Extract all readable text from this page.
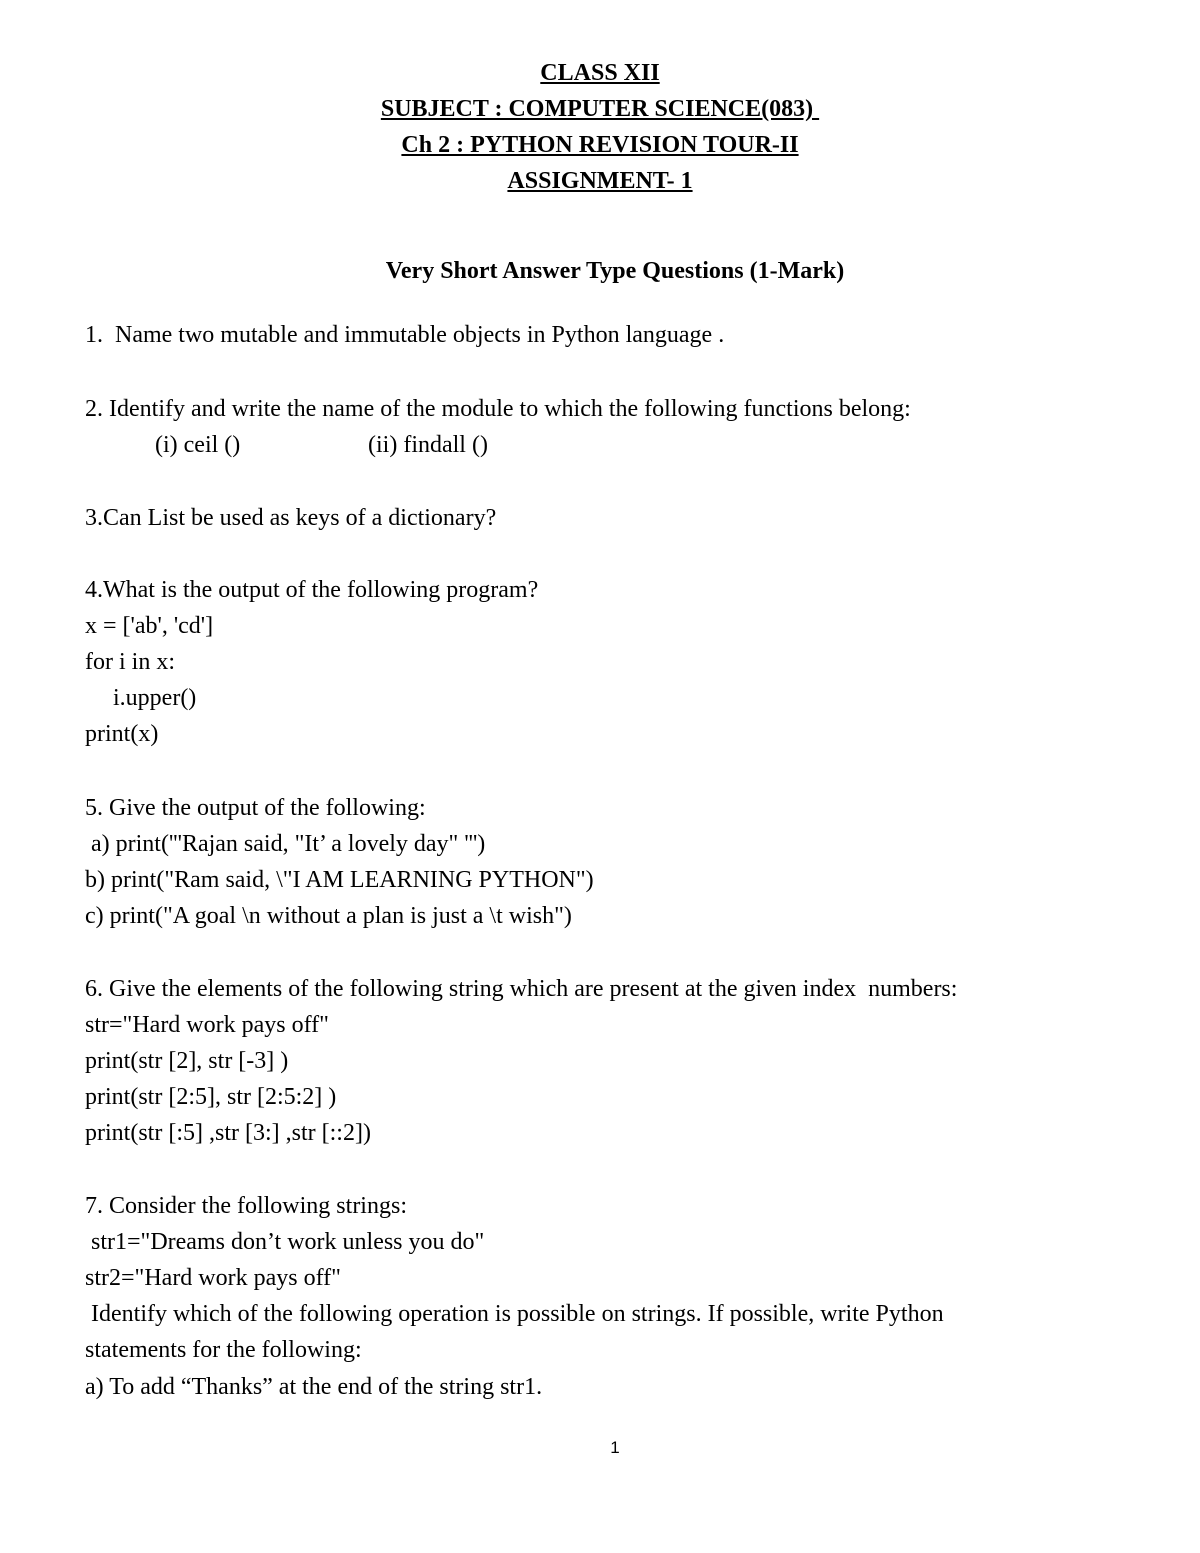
CLASS XII
SUBJECT : COMPUTER SCIENCE(083)
Ch 2 : PYTHON REVISION TOUR-II
ASSIGNMENT- 1
Very Short Answer Type Questions (1-Mark)
1.  Name two mutable and immutable objects in Python language .
2. Identify and write the name of the module to which the following functions belong:
(i) ceil ()	(ii) findall ()
3.Can List be used as keys of a dictionary?
4.What is the output of the following program?
x = ['ab', 'cd']
for i in x:
i.upper()
print(x)
5. Give the output of the following:
a) print('''Rajan said, "It’ a lovely day" ''')
b) print("Ram said, \"I AM LEARNING PYTHON")
c) print("A goal \n without a plan is just a \t wish")
6. Give the elements of the following string which are present at the given index  numbers:
str="Hard work pays off"
print(str [2], str [-3] )
print(str [2:5], str [2:5:2] )
print(str [:5] ,str [3:] ,str [::2])
7. Consider the following strings:
str1="Dreams don’t work unless you do"
str2="Hard work pays off"
Identify which of the following operation is possible on strings. If possible, write Python
statements for the following:
a) To add “Thanks” at the end of the string str1.
1
